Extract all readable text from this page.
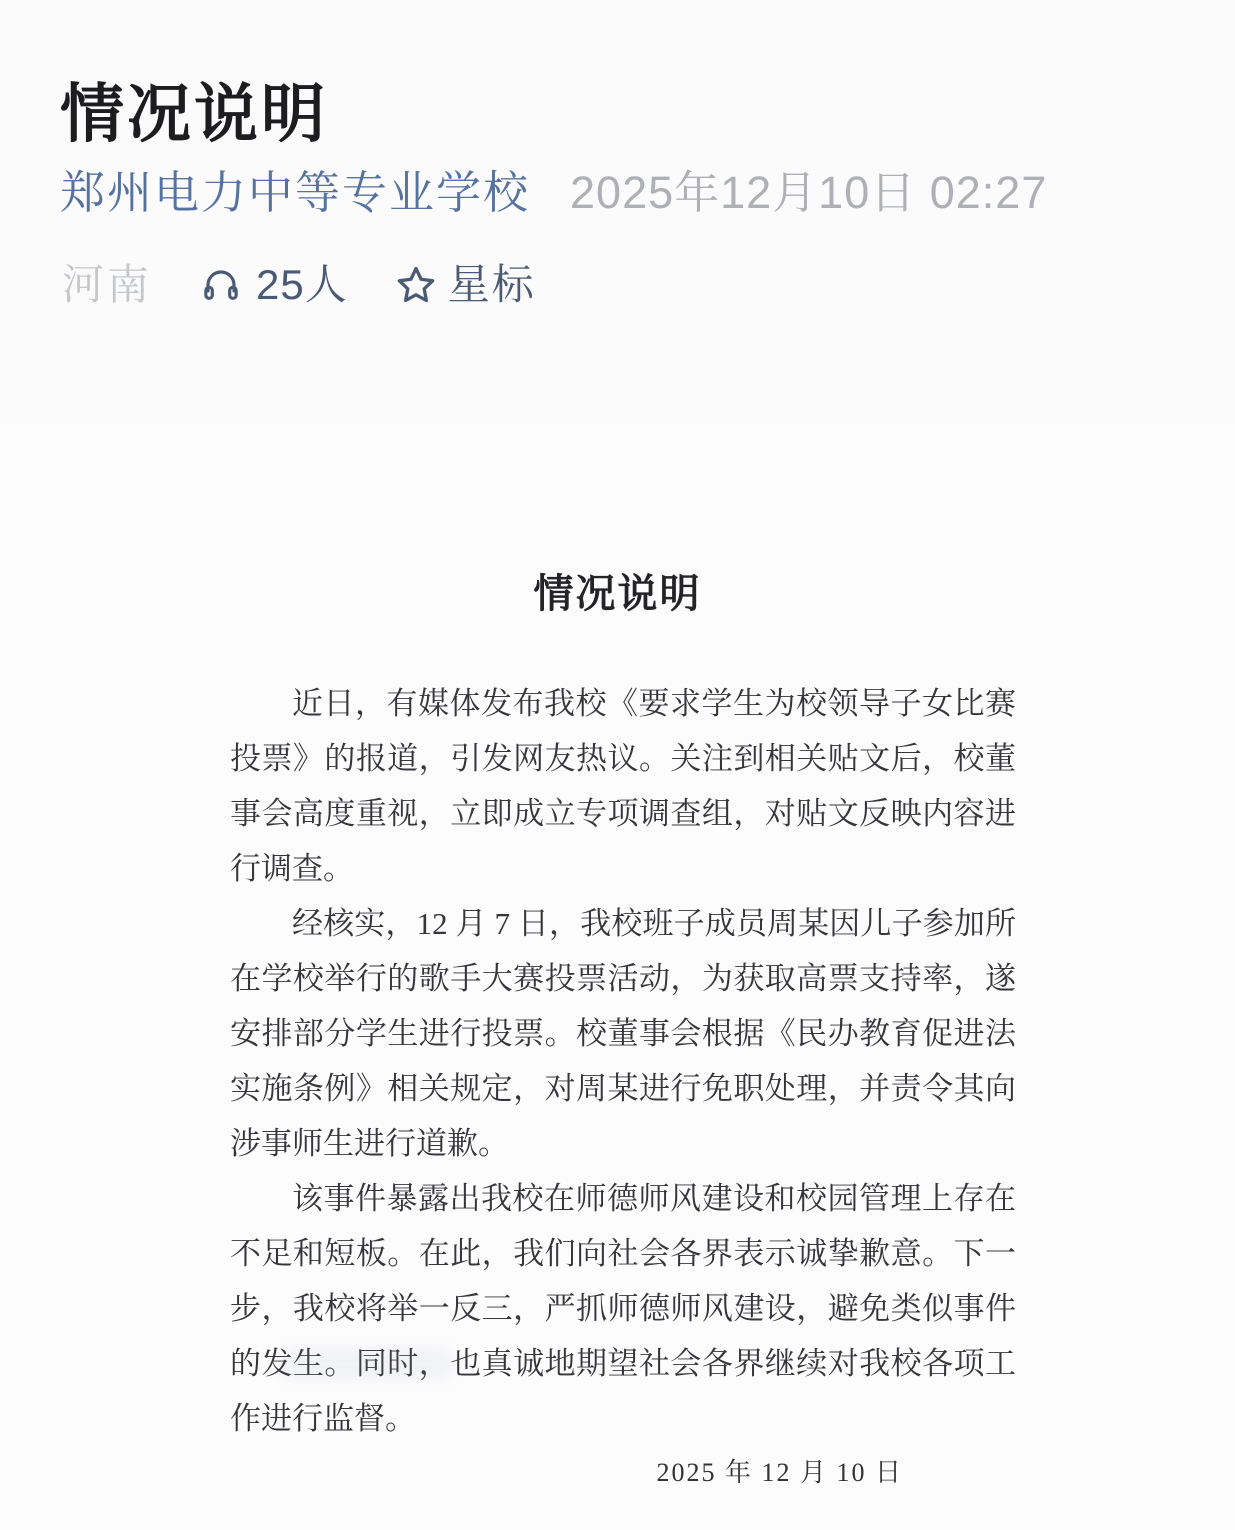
情况说明
郑州电力中等专业学校 2025年12月10日 02:27
河南 25人 星标
情况说明

近日，有媒体发布我校《要求学生为校领导子女比赛投票》的报道，引发网友热议。关注到相关贴文后，校董事会高度重视，立即成立专项调查组，对贴文反映内容进行调查。

经核实，12 月 7 日，我校班子成员周某因儿子参加所在学校举行的歌手大赛投票活动，为获取高票支持率，遂安排部分学生进行投票。校董事会根据《民办教育促进法实施条例》相关规定，对周某进行免职处理，并责令其向涉事师生进行道歉。

该事件暴露出我校在师德师风建设和校园管理上存在不足和短板。在此，我们向社会各界表示诚挚歉意。下一步，我校将举一反三，严抓师德师风建设，避免类似事件的发生。同时，也真诚地期望社会各界继续对我校各项工作进行监督。

2025 年 12 月 10 日
